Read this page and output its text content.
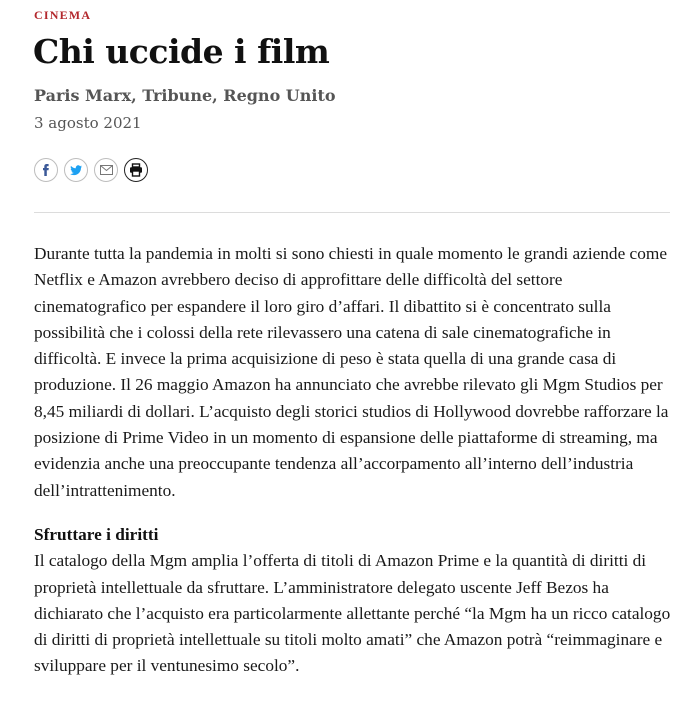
CINEMA
Chi uccide i film
Paris Marx, Tribune, Regno Unito
3 agosto 2021

Durante tutta la pandemia in molti si sono chiesti in quale momento le grandi aziende come Netflix e Amazon avrebbero deciso di approfittare delle difficoltà del settore cinematografico per espandere il loro giro d’affari. Il dibattito si è concentrato sulla possibilità che i colossi della rete rilevassero una catena di sale cinematografiche in difficoltà. E invece la prima acquisizione di peso è stata quella di una grande casa di produzione. Il 26 maggio Amazon ha annunciato che avrebbe rilevato gli Mgm Studios per 8,45 miliardi di dollari. L’acquisto degli storici studios di Hollywood dovrebbe rafforzare la posizione di Prime Video in un momento di espansione delle piattaforme di streaming, ma evidenzia anche una preoccupante tendenza all’accorpamento all’interno dell’industria dell’intrattenimento.

Sfruttare i diritti

Il catalogo della Mgm amplia l’offerta di titoli di Amazon Prime e la quantità di diritti di proprietà intellettuale da sfruttare. L’amministratore delegato uscente Jeff Bezos ha dichiarato che l’acquisto era particolarmente allettante perché “la Mgm ha un ricco catalogo di diritti di proprietà intellettuale su titoli molto amati” che Amazon potrà “reimmaginare e sviluppare per il ventunesimo secolo”.
